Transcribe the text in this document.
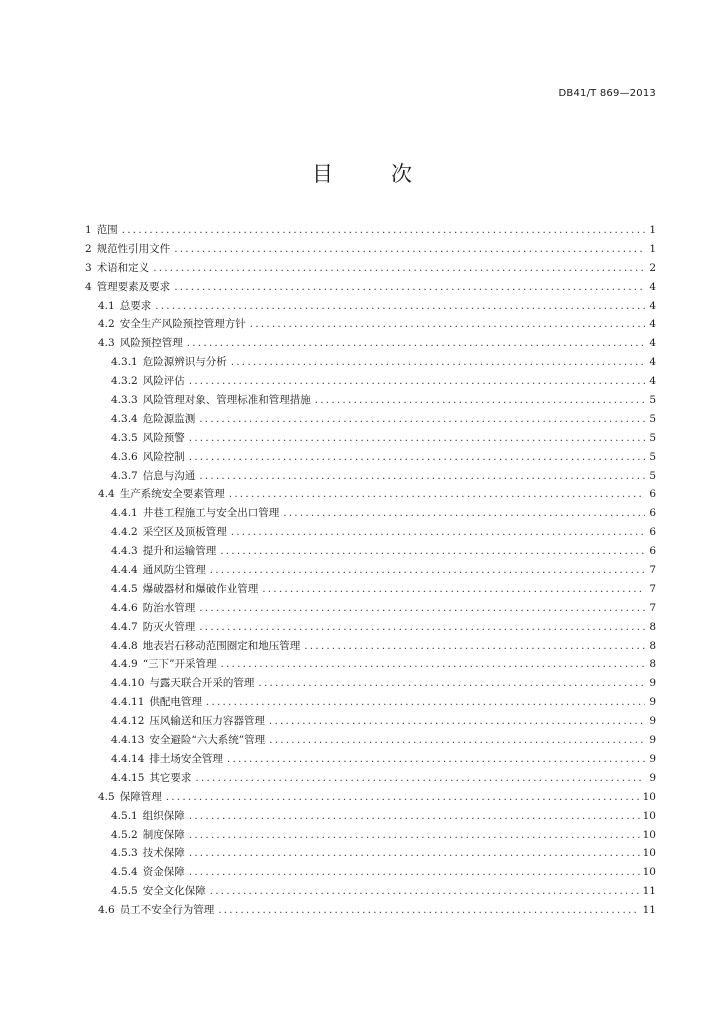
DB41/T 869—2013
目次
1 范围 .....	1
2 规范性引用文件 .....	1
3 术语和定义 .....	2
4 管理要素及要求 .....	4
4.1 总要求 .....	4
4.2 安全生产风险预控管理方针 .....	4
4.3 风险预控管理 .....	4
4.3.1 危险源辨识与分析 .....	4
4.3.2 风险评估 .....	4
4.3.3 风险管理对象、管理标准和管理措施 .....	5
4.3.4 危险源监测 .....	5
4.3.5 风险预警 .....	5
4.3.6 风险控制 .....	5
4.3.7 信息与沟通 .....	5
4.4 生产系统安全要素管理 .....	6
4.4.1 井巷工程施工与安全出口管理 .....	6
4.4.2 采空区及顶板管理 .....	6
4.4.3 提升和运输管理 .....	6
4.4.4 通风防尘管理 .....	7
4.4.5 爆破器材和爆破作业管理 .....	7
4.4.6 防治水管理 .....	7
4.4.7 防灭火管理 .....	8
4.4.8 地表岩石移动范围圈定和地压管理 .....	8
4.4.9 “三下”开采管理 .....	8
4.4.10 与露天联合开采的管理 .....	9
4.4.11 供配电管理 .....	9
4.4.12 压风输送和压力容器管理 .....	9
4.4.13 安全避险“六大系统”管理 .....	9
4.4.14 排土场安全管理 .....	9
4.4.15 其它要求 .....	9
4.5 保障管理 .....	10
4.5.1 组织保障 .....	10
4.5.2 制度保障 .....	10
4.5.3 技术保障 .....	10
4.5.4 资金保障 .....	10
4.5.5 安全文化保障 .....	11
4.6 员工不安全行为管理 .....	11
